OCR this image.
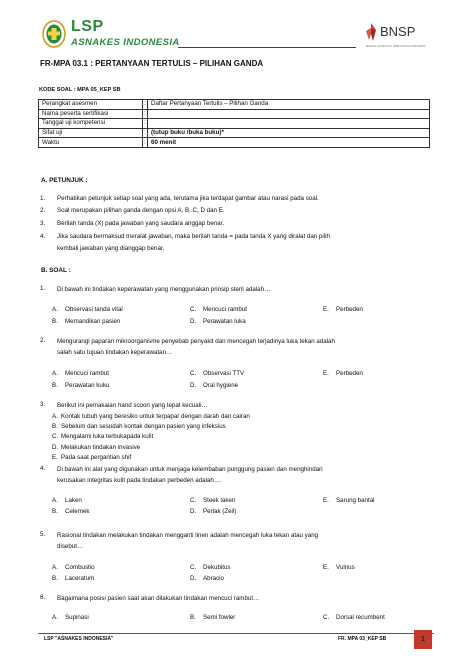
LSP
ASNAKES INDONESIA
BNSP
BADAN NASIONAL SERTIFIKASI PROFESI
FR-MPA 03.1 : PERTANYAAN TERTULIS – PILIHAN GANDA
KODE SOAL : MPA 05_KEP SB
Perangkat asesmen	:	Daftar Pertanyaan Tertulis – Pilihan Ganda
Nama peserta sertifikasi	:	
Tanggal uji kompetensi	:	
Sifat uji	:	(tutup buku /buka buku)*
Waktu	:	60 menit
A. PETUNJUK :
1. Perhatikan petunjuk setiap soal yang ada, terutama jika terdapat gambar atau narasi pada soal.
2. Soal merupakan pilihan ganda dengan opsi A, B, C, D dan E.
3. Berilah tanda (X) pada jawaban yang saudara anggap benar.
4. Jika saudara bermaksud meralat jawaban, maka berilah tanda = pada tanda X yang diralat dan pilih
kembali jawaban yang dianggap benar.
B. SOAL :
1. Di bawah ini tindakan keperawatan yang menggunakan prinsip steril adalah…
A. Observasi tanda vital	C. Mencuci rambut	E. Perbeden
B. Memandikan pasien	D. Perawatan luka
2. Mengurangi paparan mikroorganisme penyebab penyakit dan mencegah terjadinya luka tekan adalah
salah satu tujuan tindakan keperawatan…
A. Mencuci rambut	C. Observasi TTV	E. Perbeden
B. Perawatan kuku	D. Oral hygiene
3. Berikut ini pemakaian hand scoon yang tepat kecuali…
A. Kontak tubuh yang beresiko untuk terpapar dengan darah dan cairan
B. Sebelum dan sesudah kontak dengan pasien yang infeksius
C. Mengalami luka terbukapada kulit
D. Melakukan tindakan invasive
E. Pada saat pergantian shif
4. Di bawah ini alat yang digunakan untuk menjaga kelembaban punggung pasien dan menghindari
kerusakan integritas kulit pada tindakan perbeden adalah….
A. Laken	C. Steek laken	E. Sarung bantal
B. Celemek	D. Perlak (Zeil)
5. Rasional tindakan melakukan tindakan mengganti linen adalah mencegah luka tekan atau yang
disebut…
A. Combustio	C. Dekubitus	E. Vulnus
B. Laceratum	D. Abracio
6. Bagaimana posisi pasien saat akan dilakukan tindakan mencuci rambut…
A. Supinasi	B. Semi fowler	C. Dorsal recumbent
LSP "ASNAKES INDONESIA"	FR. MPA 03_KEP SB	1
